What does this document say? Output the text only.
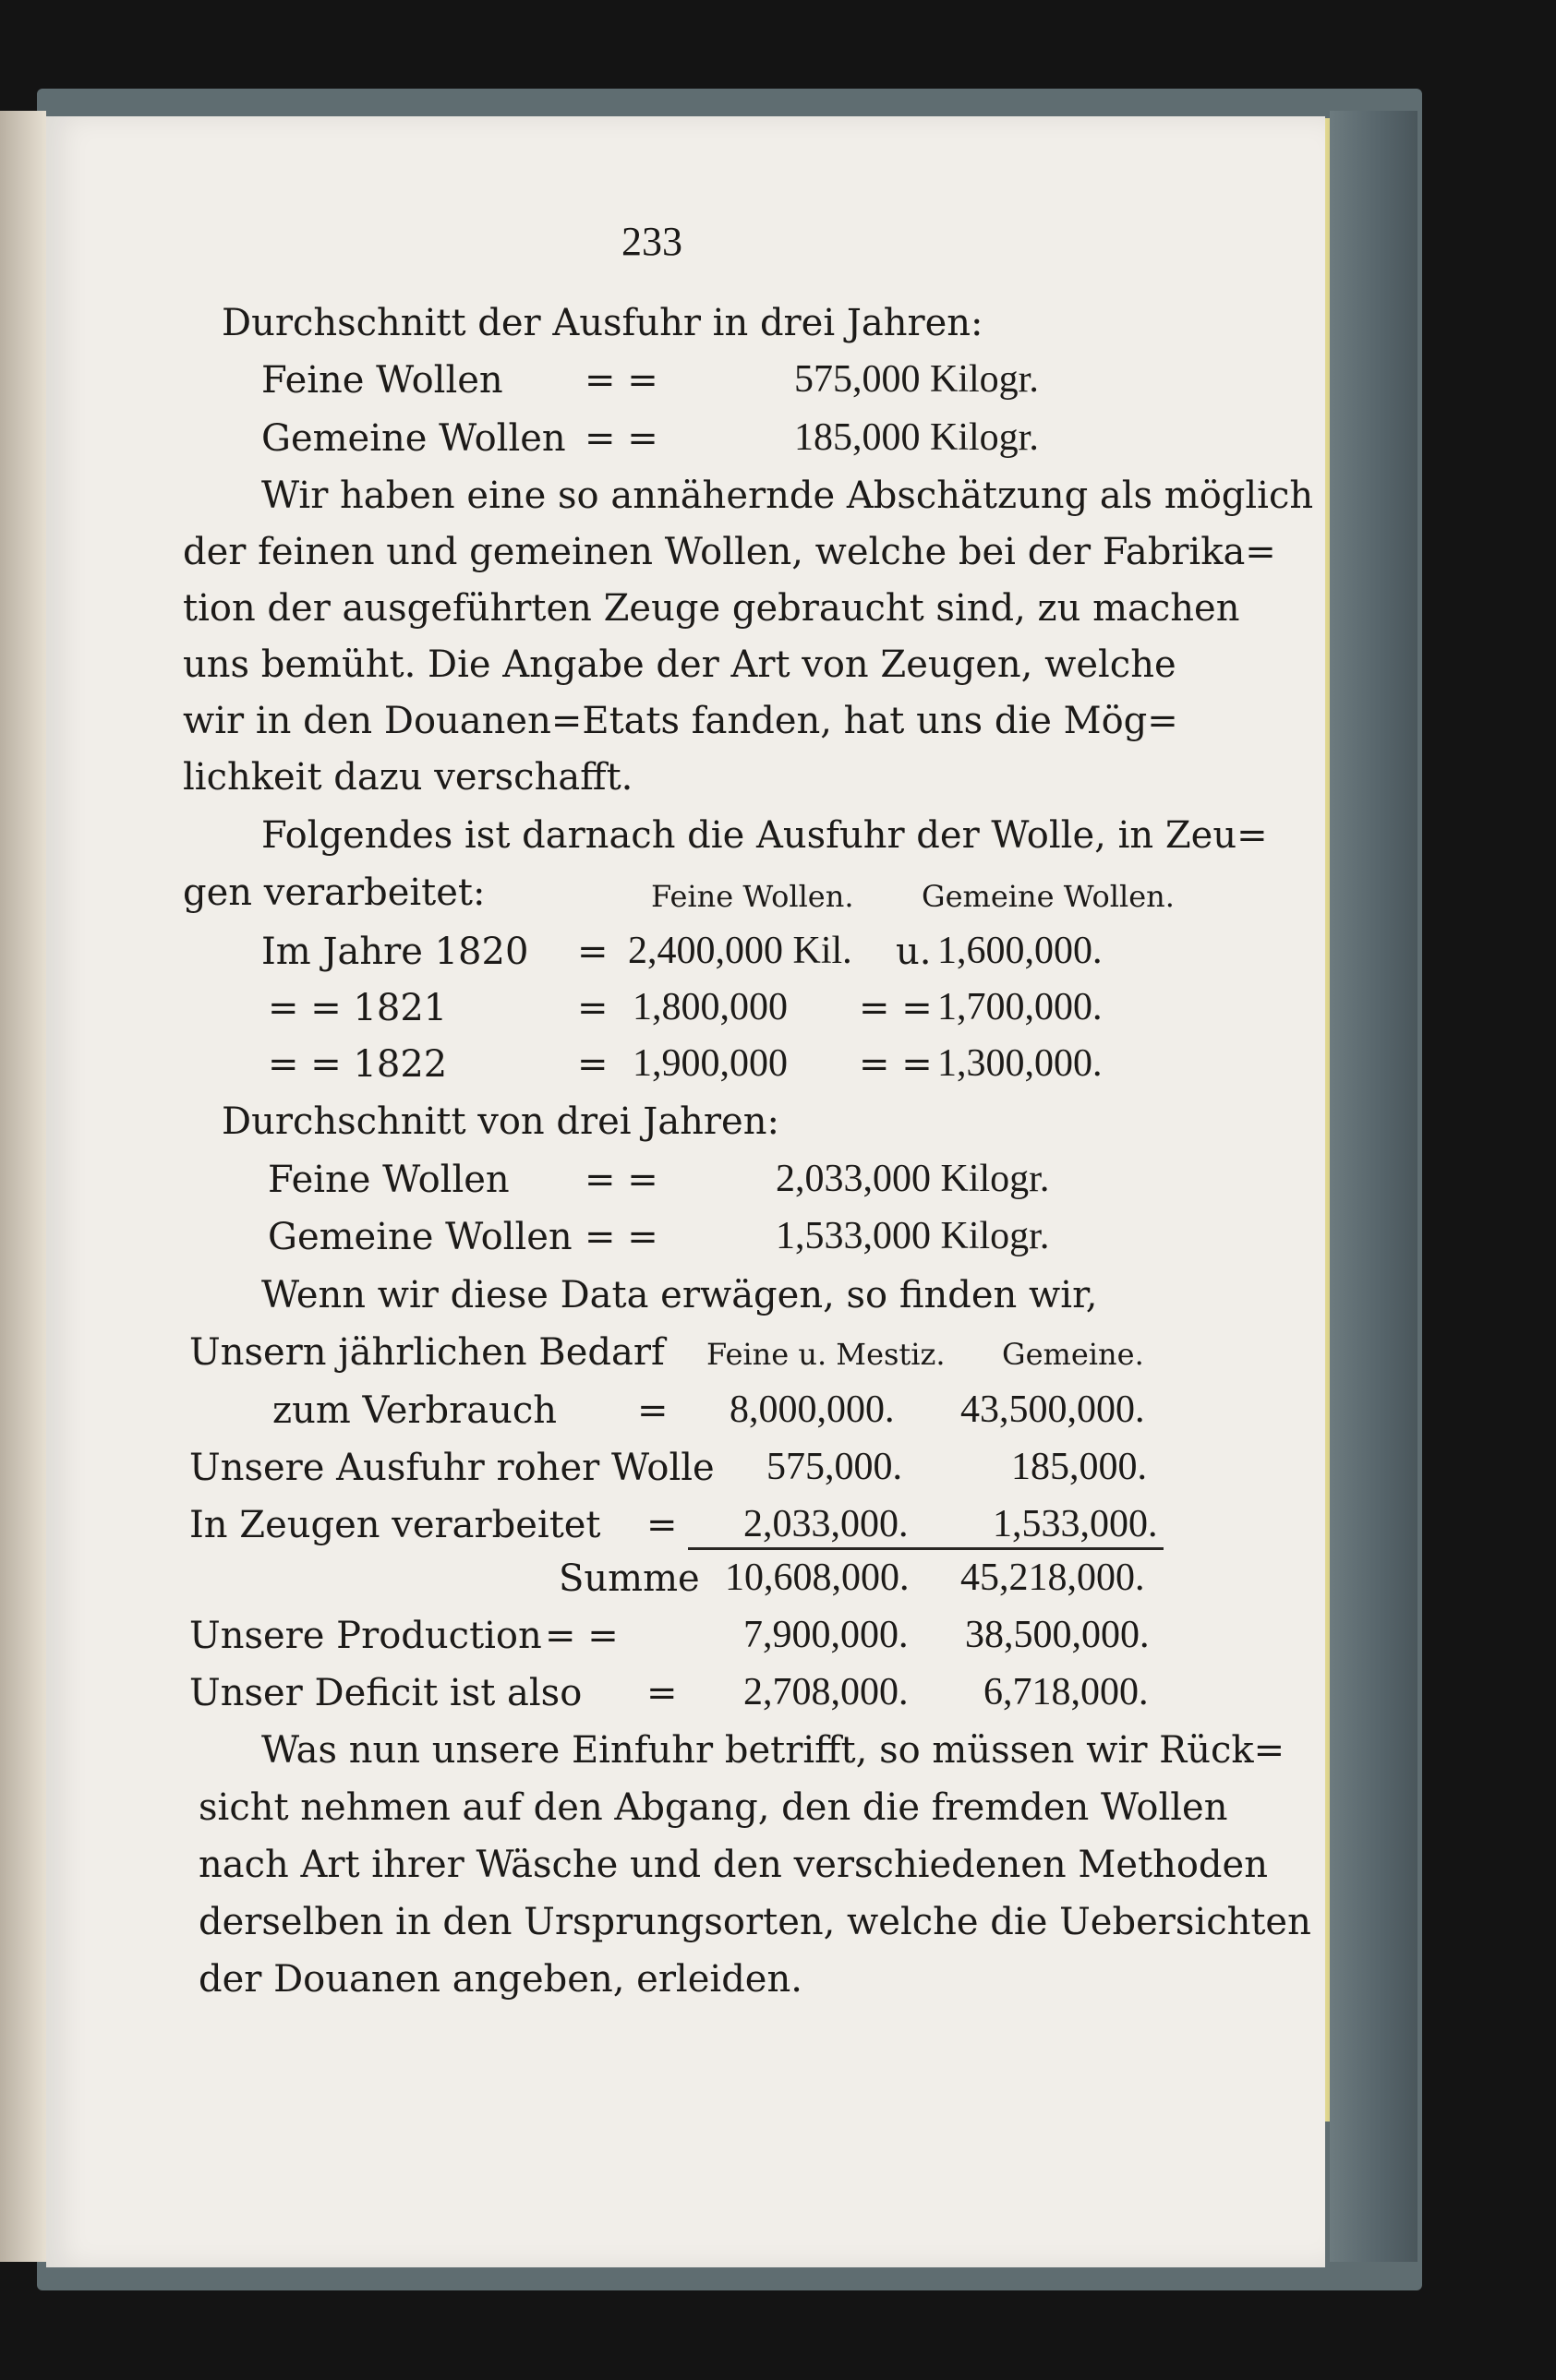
233
Durchschnitt der Ausfuhr in drei Jahren:
Feine Wollen = =	575,000 Kilogr.
Gemeine Wollen = =	185,000 Kilogr.
Wir haben eine so annähernde Abschätzung als möglich
der feinen und gemeinen Wollen, welche bei der Fabrika=
tion der ausgeführten Zeuge gebraucht sind, zu machen
uns bemüht. Die Angabe der Art von Zeugen, welche
wir in den Douanen=Etats fanden, hat uns die Mög=
lichkeit dazu verschafft.
Folgendes ist darnach die Ausfuhr der Wolle, in Zeu=
gen verarbeitet:	Feine Wollen. Gemeine Wollen.
Im Jahre 1820 = 2,400,000 Kil. u. 1,600,000.
= = 1821	= 1,800,000 = = 1,700,000.
= = 1822	= 1,900,000 = = 1,300,000.
Durchschnitt von drei Jahren:
Feine Wollen = =	2,033,000 Kilogr.
Gemeine Wollen = =	1,533,000 Kilogr.
Wenn wir diese Data erwägen, so finden wir,
Unsern jährlichen Bedarf Feine u. Mestiz. Gemeine.
zum Verbrauch = 8,000,000. 43,500,000.
Unsere Ausfuhr roher Wolle 575,000.	185,000.
In Zeugen verarbeitet = 2,033,000. 1,533,000.
Summe 10,608,000. 45,218,000.
Unsere Production = =	7,900,000. 38,500,000.
Unser Deficit ist also = 2,708,000. 6,718,000.
Was nun unsere Einfuhr betrifft, so müssen wir Rück=
sicht nehmen auf den Abgang, den die fremden Wollen
nach Art ihrer Wäsche und den verschiedenen Methoden
derselben in den Ursprungsorten, welche die Uebersichten
der Douanen angeben, erleiden.
